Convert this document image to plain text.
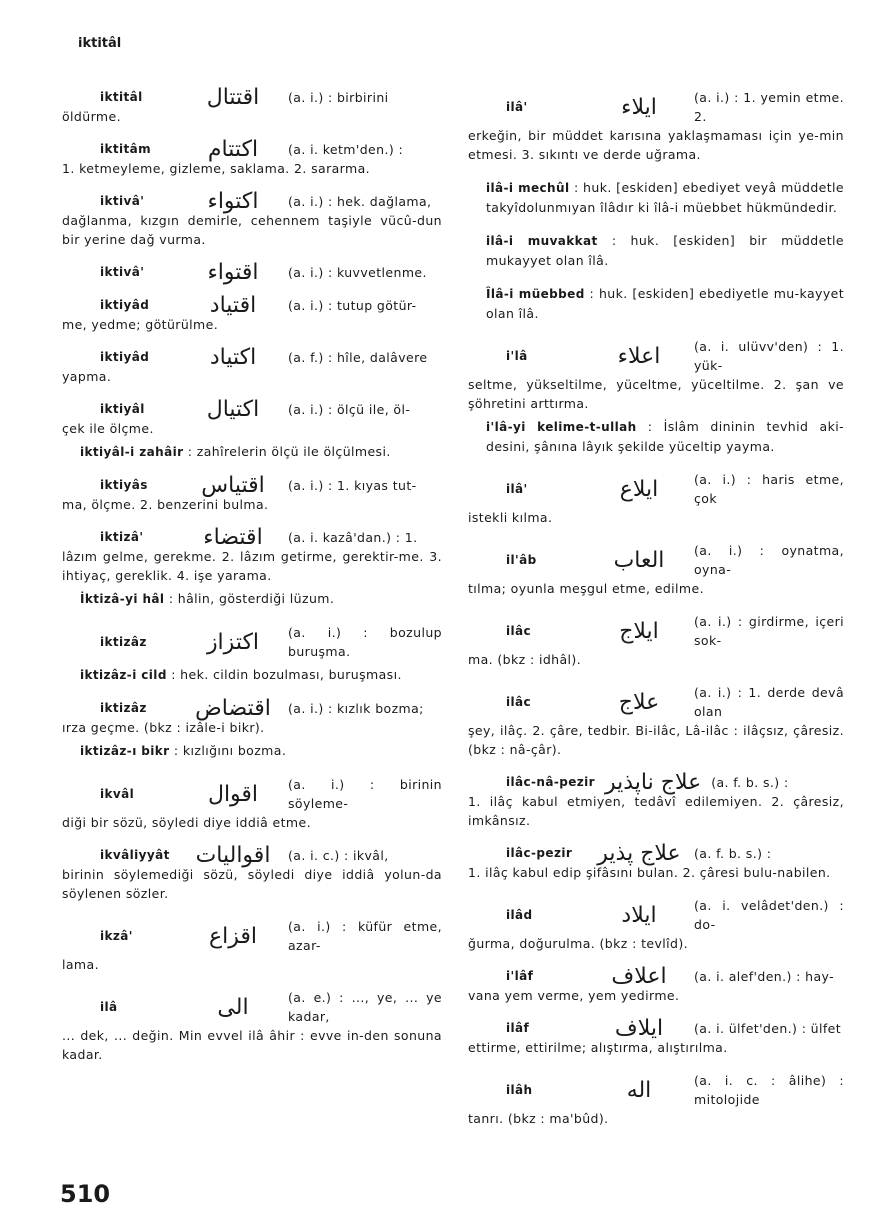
iktitâl
iktitâl	اقتتال	(a. i.) : birbirini
öldürme.
iktitâm	اكتتام	(a. i. ketm'den.) :
1. ketmeyleme, gizleme, saklama. 2. sararma.
iktivâ'	اكتواء	(a. i.) : hek. dağlama,
dağlanma, kızgın demirle, cehennem taşiyle vücû-dun bir yerine dağ vurma.
iktivâ'	اقتواء	(a. i.) : kuvvetlenme.
iktiyâd	اقتياد	(a. i.) : tutup götür-
me, yedme; götürülme.
iktiyâd	اكتياد	(a. f.) : hîle, dalâvere
yapma.
iktiyâl	اكتيال	(a. i.) : ölçü ile, öl-
çek ile ölçme.
iktiyâl-i zahâir : zahîrelerin ölçü ile ölçülmesi.
iktiyâs	اقتياس	(a. i.) : 1. kıyas tut-
ma, ölçme. 2. benzerini bulma.
iktizâ'	اقتضاء	(a. i. kazâ'dan.) : 1.
lâzım gelme, gerekme. 2. lâzım getirme, gerektir-me. 3. ihtiyaç, gereklik. 4. işe yarama.
İktizâ-yi hâl : hâlin, gösterdiği lüzum.
iktizâz	اكتزاز	(a. i.) : bozulup buruşma.
iktizâz-i cild : hek. cildin bozulması, buruşması.
iktizâz	اقتضاض	(a. i.) : kızlık bozma;
ırza geçme. (bkz : izâle-i bikr).
iktizâz-ı bikr : kızlığını bozma.
ikvâl	اقوال	(a. i.) : birinin söyleme-
diği bir sözü, söyledi diye iddiâ etme.
ikvâliyyât	اقواليات	(a. i. c.) : ikvâl,
birinin söylemediği sözü, söyledi diye iddiâ yolun-da söylenen sözler.
ikzâ'	اقزاع	(a. i.) : küfür etme, azar-
lama.
ilâ	الى	(a. e.) : ..., ye, ... ye kadar,
... dek, ... değin. Min evvel ilâ âhir : evve in-den sonuna kadar.
ilâ'	ايلاء	(a. i.) : 1. yemin etme. 2.
erkeğin, bir müddet karısına yaklaşmaması için ye-min etmesi. 3. sıkıntı ve derde uğrama.
ilâ-i mechûl : huk. [eskiden] ebediyet veyâ müddetle takyîdolunmıyan îlâdır ki îlâ-i müebbet hükmündedir.
ilâ-i muvakkat : huk. [eskiden] bir müddetle mukayyet olan îlâ.
Îlâ-i müebbed : huk. [eskiden] ebediyetle mu-kayyet olan îlâ.
i'lâ	اعلاء	(a. i. ulüvv'den) : 1. yük-
seltme, yükseltilme, yüceltme, yüceltilme. 2. şan ve şöhretini arttırma.
i'lâ-yi kelime-t-ullah : İslâm dininin tevhid aki-desini, şânına lâyık şekilde yüceltip yayma.
ilâ'	ايلاع	(a. i.) : haris etme, çok
istekli kılma.
il'âb	العاب	(a. i.) : oynatma, oyna-
tılma; oyunla meşgul etme, edilme.
ilâc	ايلاج	(a. i.) : girdirme, içeri sok-
ma. (bkz : idhâl).
ilâc	علاج	(a. i.) : 1. derde devâ olan
şey, ilâç. 2. çâre, tedbir. Bi-ilâc, Lâ-ilâc : ilâçsız, çâresiz. (bkz : nâ-çâr).
ilâc-nâ-pezir علاج ناپذير (a. f. b. s.) :
1. ilâç kabul etmiyen, tedâvî edilemiyen. 2. çâresiz, imkânsız.
ilâc-pezir	علاج پذير (a. f. b. s.) :
1. ilâç kabul edip şifâsını bulan. 2. çâresi bulu-nabilen.
ilâd	ايلاد	(a. i. velâdet'den.) : do-
ğurma, doğurulma. (bkz : tevlîd).
i'lâf	اعلاف	(a. i. alef'den.) : hay-
vana yem verme, yem yedirme.
ilâf	ايلاف	(a. i. ülfet'den.) : ülfet
ettirme, ettirilme; alıştırma, alıştırılma.
ilâh	اله	(a. i. c. : âlihe) : mitolojide
tanrı. (bkz : ma'bûd).
510
